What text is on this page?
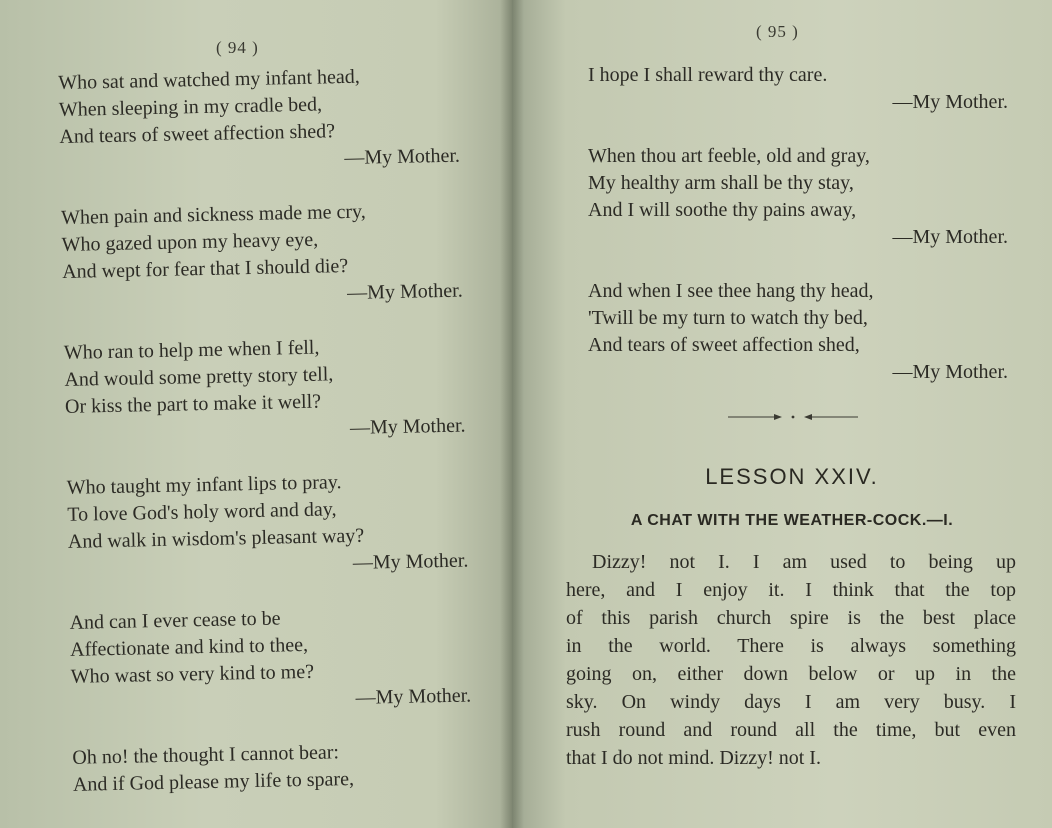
( 94 )
Who sat and watched my infant head,
When sleeping in my cradle bed,
And tears of sweet affection shed?
—My Mother.
When pain and sickness made me cry,
Who gazed upon my heavy eye,
And wept for fear that I should die?
—My Mother.
Who ran to help me when I fell,
And would some pretty story tell,
Or kiss the part to make it well?
—My Mother.
Who taught my infant lips to pray.
To love God's holy word and day,
And walk in wisdom's pleasant way?
—My Mother.
And can I ever cease to be
Affectionate and kind to thee,
Who wast so very kind to me?
—My Mother.
Oh no! the thought I cannot bear:
And if God please my life to spare,
( 95 )
I hope I shall reward thy care.
—My Mother.
When thou art feeble, old and gray,
My healthy arm shall be thy stay,
And I will soothe thy pains away,
—My Mother.
And when I see thee hang thy head,
'Twill be my turn to watch thy bed,
And tears of sweet affection shed,
—My Mother.
LESSON XXIV.
A CHAT WITH THE WEATHER-COCK.—I.
Dizzy! not I. I am used to being up
here, and I enjoy it. I think that the top
of this parish church spire is the best place
in the world. There is always something
going on, either down below or up in the
sky. On windy days I am very busy. I
rush round and round all the time, but even
that I do not mind. Dizzy! not I.
